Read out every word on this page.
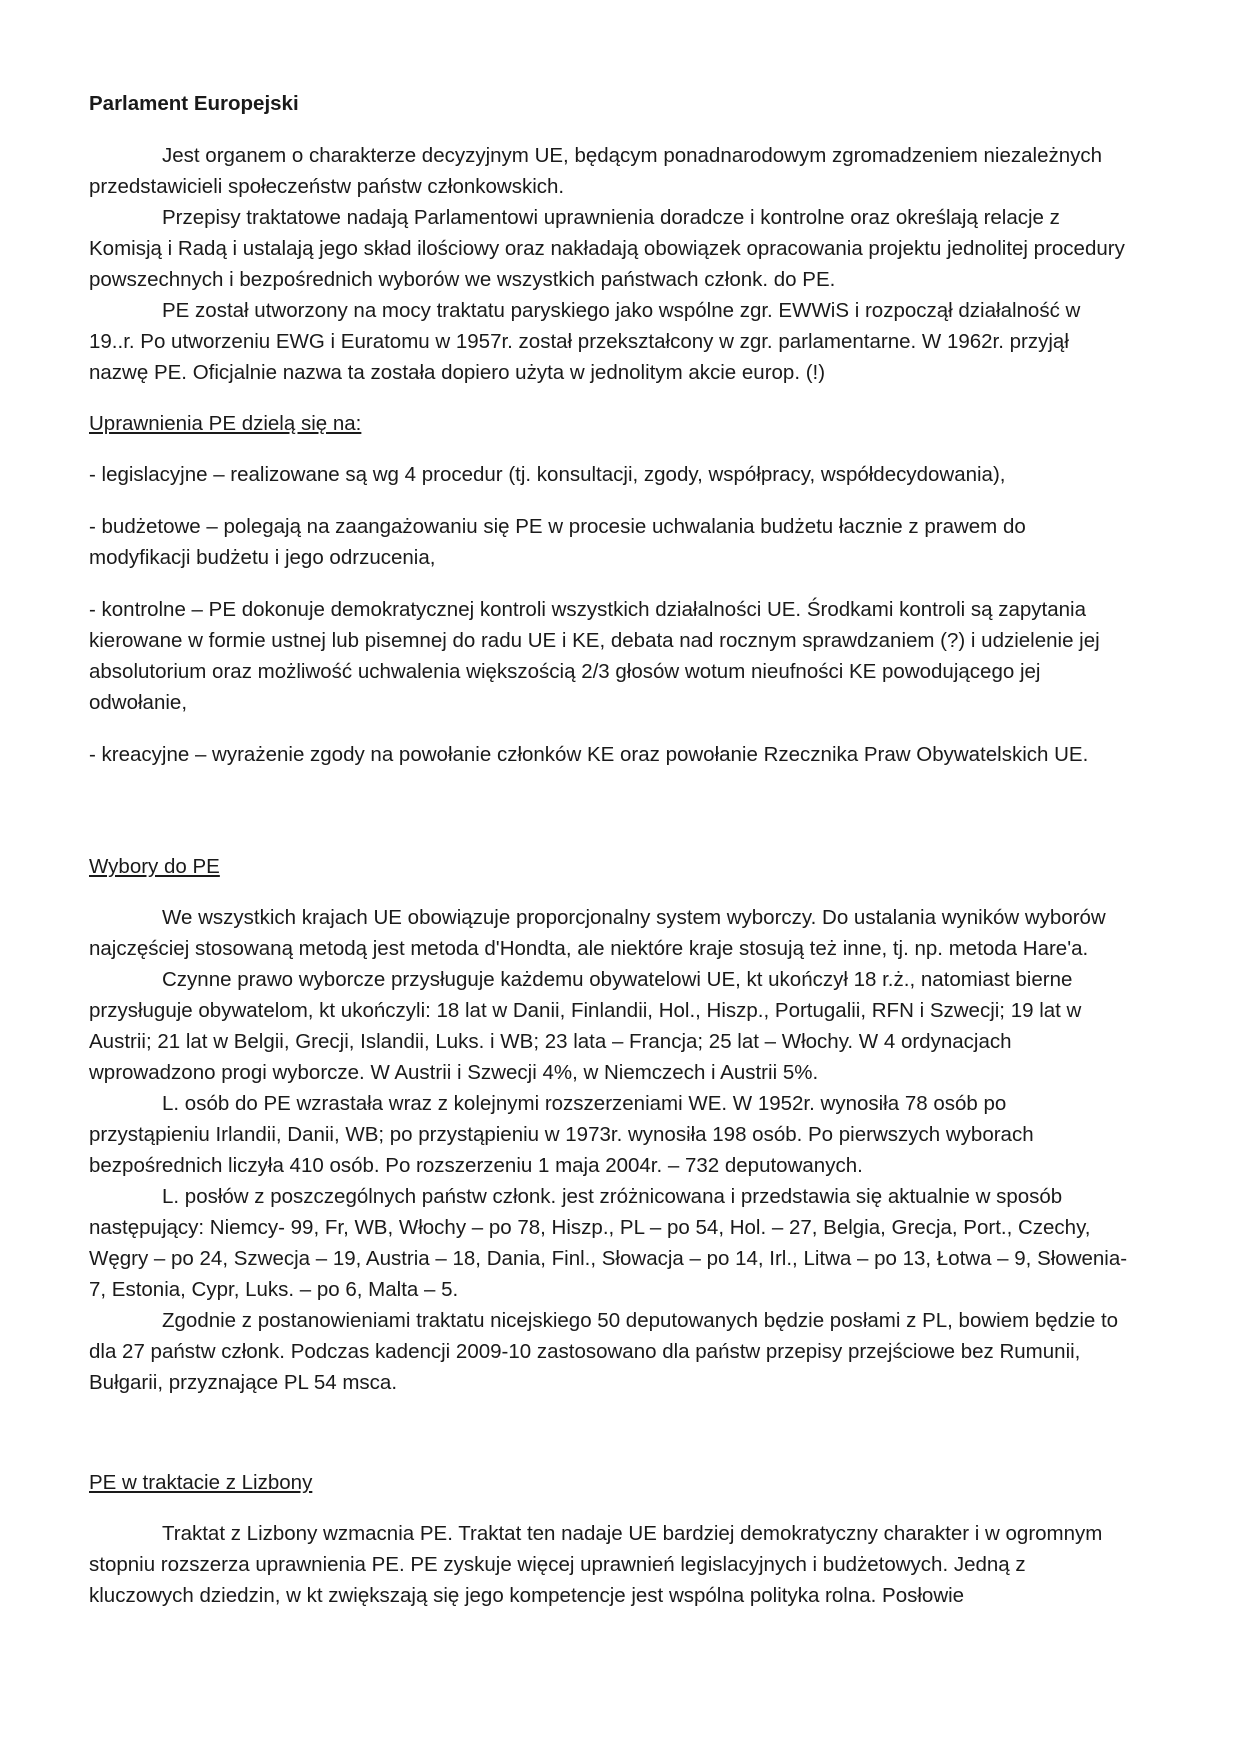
Parlament Europejski

Jest organem o charakterze decyzyjnym UE, będącym ponadnarodowym zgromadzeniem niezależnych przedstawicieli społeczeństw państw członkowskich.

Przepisy traktatowe nadają Parlamentowi uprawnienia doradcze i kontrolne oraz określają relacje z Komisją i Radą i ustalają jego skład ilościowy oraz nakładają obowiązek opracowania projektu jednolitej procedury powszechnych i bezpośrednich wyborów we wszystkich państwach członk. do PE.

PE został utworzony na mocy traktatu paryskiego jako wspólne zgr. EWWiS i rozpoczął działalność w 19..r. Po utworzeniu EWG i Euratomu w 1957r. został przekształcony w zgr. parlamentarne. W 1962r. przyjął nazwę PE. Oficjalnie nazwa ta została dopiero użyta w jednolitym akcie europ. (!)

Uprawnienia PE dzielą się na:

- legislacyjne – realizowane są wg 4 procedur (tj. konsultacji, zgody, współpracy, współdecydowania),

- budżetowe – polegają na zaangażowaniu się PE w procesie uchwalania budżetu łacznie z prawem do modyfikacji budżetu i jego odrzucenia,

- kontrolne – PE dokonuje demokratycznej kontroli wszystkich działalności UE. Środkami kontroli są zapytania kierowane w formie ustnej lub pisemnej do radu UE i KE, debata nad rocznym sprawdzaniem (?) i udzielenie jej absolutorium oraz możliwość uchwalenia większością 2/3 głosów wotum nieufności KE powodującego jej odwołanie,

- kreacyjne – wyrażenie zgody na powołanie członków KE oraz powołanie Rzecznika Praw Obywatelskich UE.

Wybory do PE

We wszystkich krajach UE obowiązuje proporcjonalny system wyborczy. Do ustalania wyników wyborów najczęściej stosowaną metodą jest metoda d'Hondta, ale niektóre kraje stosują też inne, tj. np. metoda Hare'a.

Czynne prawo wyborcze przysługuje każdemu obywatelowi UE, kt ukończył 18 r.ż., natomiast bierne przysługuje obywatelom, kt ukończyli: 18 lat w Danii, Finlandii, Hol., Hiszp., Portugalii, RFN i Szwecji; 19 lat w Austrii; 21 lat w Belgii, Grecji, Islandii, Luks. i WB; 23 lata – Francja; 25 lat – Włochy. W 4 ordynacjach wprowadzono progi wyborcze. W Austrii i Szwecji 4%, w Niemczech i Austrii 5%.

L. osób do PE wzrastała wraz z kolejnymi rozszerzeniami WE. W 1952r. wynosiła 78 osób po przystąpieniu Irlandii, Danii, WB; po przystąpieniu w 1973r. wynosiła 198 osób. Po pierwszych wyborach bezpośrednich liczyła 410 osób. Po rozszerzeniu 1 maja 2004r. – 732 deputowanych.

L. posłów z poszczególnych państw członk. jest zróżnicowana i przedstawia się aktualnie w sposób następujący: Niemcy- 99, Fr, WB, Włochy – po 78, Hiszp., PL – po 54, Hol. – 27, Belgia, Grecja, Port., Czechy, Węgry – po 24, Szwecja – 19, Austria – 18, Dania, Finl., Słowacja – po 14, Irl., Litwa – po 13, Łotwa – 9, Słowenia- 7, Estonia, Cypr, Luks. – po 6, Malta – 5.

Zgodnie z postanowieniami traktatu nicejskiego 50 deputowanych będzie posłami z PL, bowiem będzie to dla 27 państw członk. Podczas kadencji 2009-10 zastosowano dla państw przepisy przejściowe bez Rumunii, Bułgarii, przyznające PL 54 msca.

PE w traktacie z Lizbony

Traktat z Lizbony wzmacnia PE. Traktat ten nadaje UE bardziej demokratyczny charakter i w ogromnym stopniu rozszerza uprawnienia PE. PE zyskuje więcej uprawnień legislacyjnych i budżetowych. Jedną z kluczowych dziedzin, w kt zwiększają się jego kompetencje jest wspólna polityka rolna. Posłowie
